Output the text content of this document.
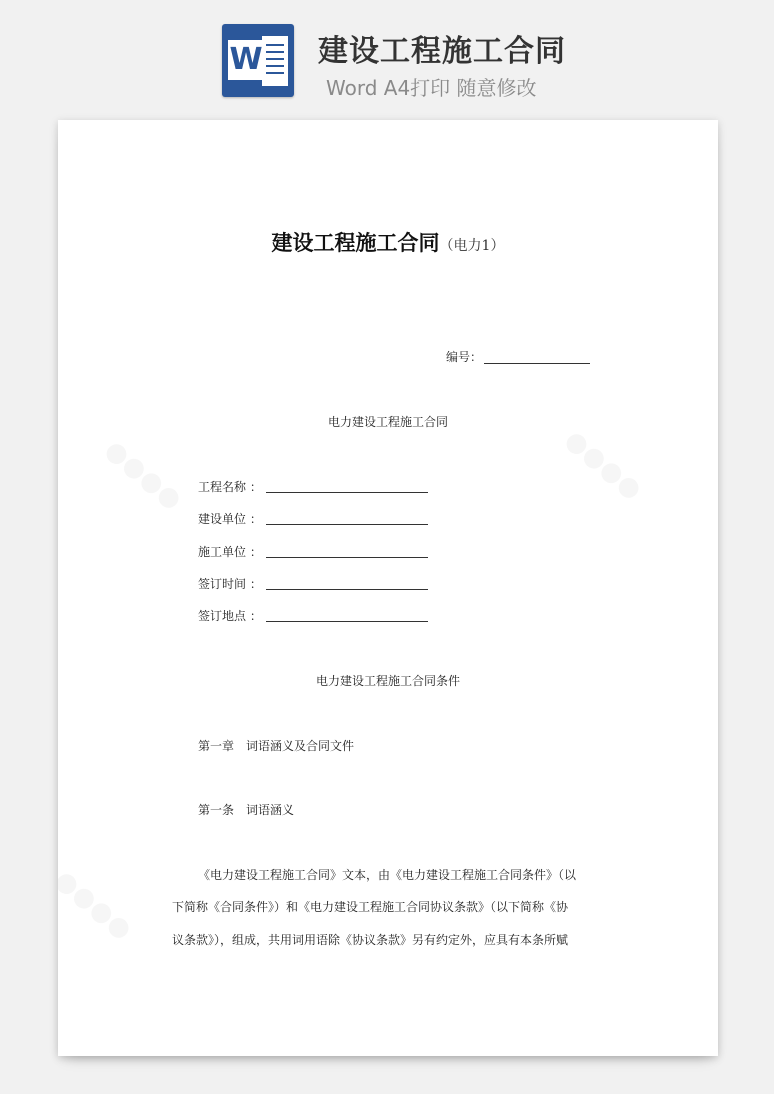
W 建设工程施工合同
Word A4打印 随意修改
建设工程施工合同（电力1）
编号：
电力建设工程施工合同
工程名称 ：
建设单位 ：
施工单位 ：
签订时间 ：
签订地点 ：
电力建设工程施工合同条件
第一章　词语涵义及合同文件
第一条　词语涵义
《电力建设工程施工合同》文本，由《电力建设工程施工合同条件》（以
下简称《合同条件》）和《电力建设工程施工合同协议条款》（以下简称《协
议条款》），组成，共用词用语除《协议条款》另有约定外，应具有本条所赋
